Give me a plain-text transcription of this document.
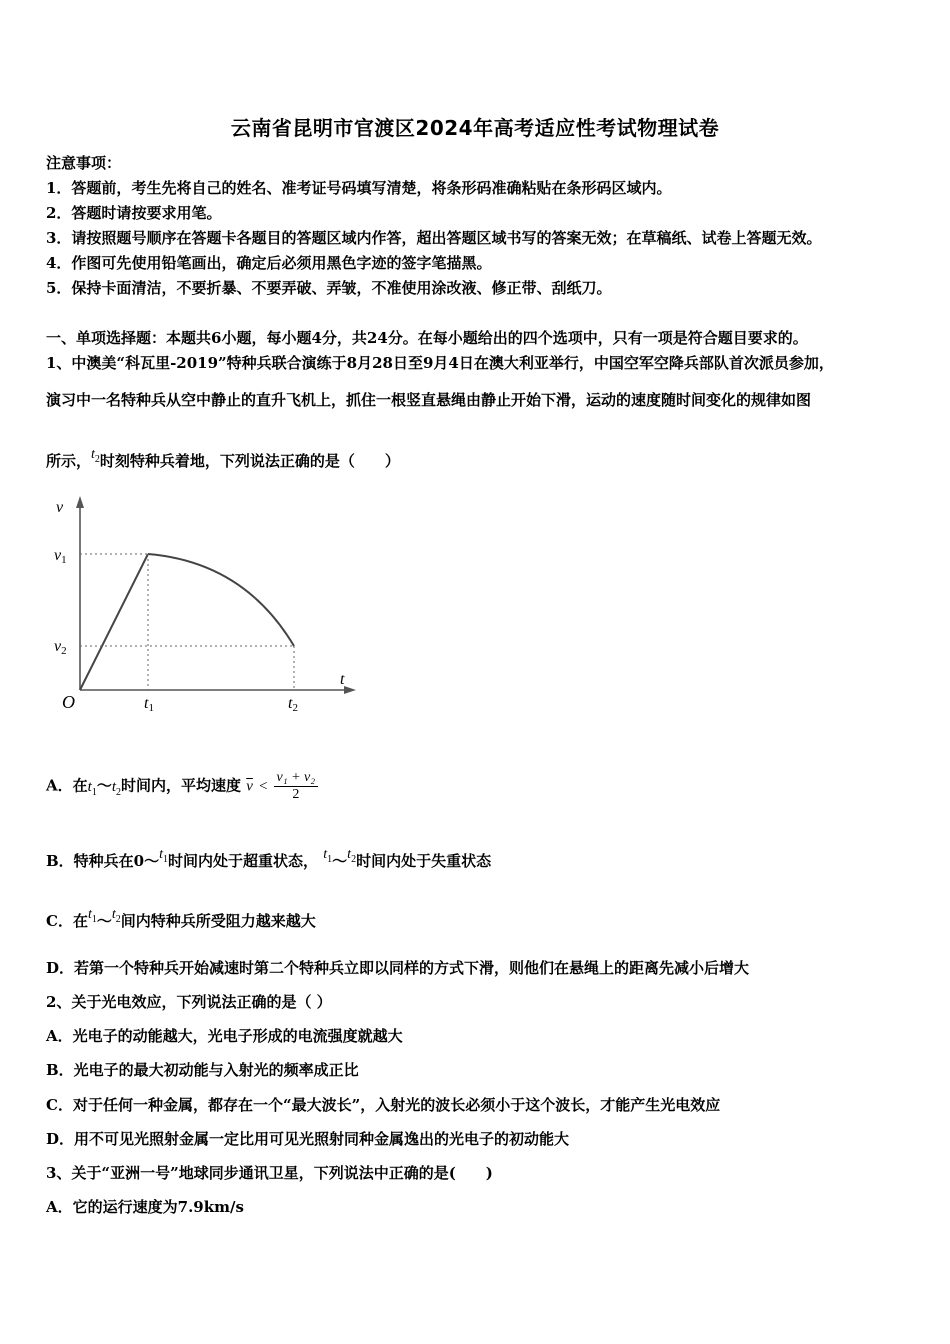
云南省昆明市官渡区2024年高考适应性考试物理试卷
注意事项：
1．答题前，考生先将自己的姓名、准考证号码填写清楚，将条形码准确粘贴在条形码区域内。
2．答题时请按要求用笔。
3．请按照题号顺序在答题卡各题目的答题区域内作答，超出答题区域书写的答案无效；在草稿纸、试卷上答题无效。
4．作图可先使用铅笔画出，确定后必须用黑色字迹的签字笔描黑。
5．保持卡面清洁，不要折暴、不要弄破、弄皱，不准使用涂改液、修正带、刮纸刀。
一、单项选择题：本题共6小题，每小题4分，共24分。在每小题给出的四个选项中，只有一项是符合题目要求的。
1、中澳美“科瓦里-2019”特种兵联合演练于8月28日至9月4日在澳大利亚举行，中国空军空降兵部队首次派员参加，
演习中一名特种兵从空中静止的直升飞机上，抓住一根竖直悬绳由静止开始下滑，运动的速度随时间变化的规律如图
所示，$t_2$时刻特种兵着地，下列说法正确的是（　　）
v
v1
v2
O	t1	t2
t
A．在$t_1\sim t_2$时间内，平均速度 $\overline{v} < \frac{\text{v₁ + v₂}}{2}$
B．特种兵在$0\sim t_1$时间内处于超重状态， $t_1\sim t_2$时间内处于失重状态
C．在$t_1\sim t_2$间内特种兵所受阻力越来越大
D．若第一个特种兵开始减速时第二个特种兵立即以同样的方式下滑，则他们在悬绳上的距离先减小后增大
2、关于光电效应，下列说法正确的是（ ）
A．光电子的动能越大，光电子形成的电流强度就越大
B．光电子的最大初动能与入射光的频率成正比
C．对于任何一种金属，都存在一个“最大波长”，入射光的波长必须小于这个波长，才能产生光电效应
D．用不可见光照射金属一定比用可见光照射同种金属逸出的光电子的初动能大
3、关于“亚洲一号”地球同步通讯卫星，下列说法中正确的是(　　)
A．它的运行速度为7.9km/s
